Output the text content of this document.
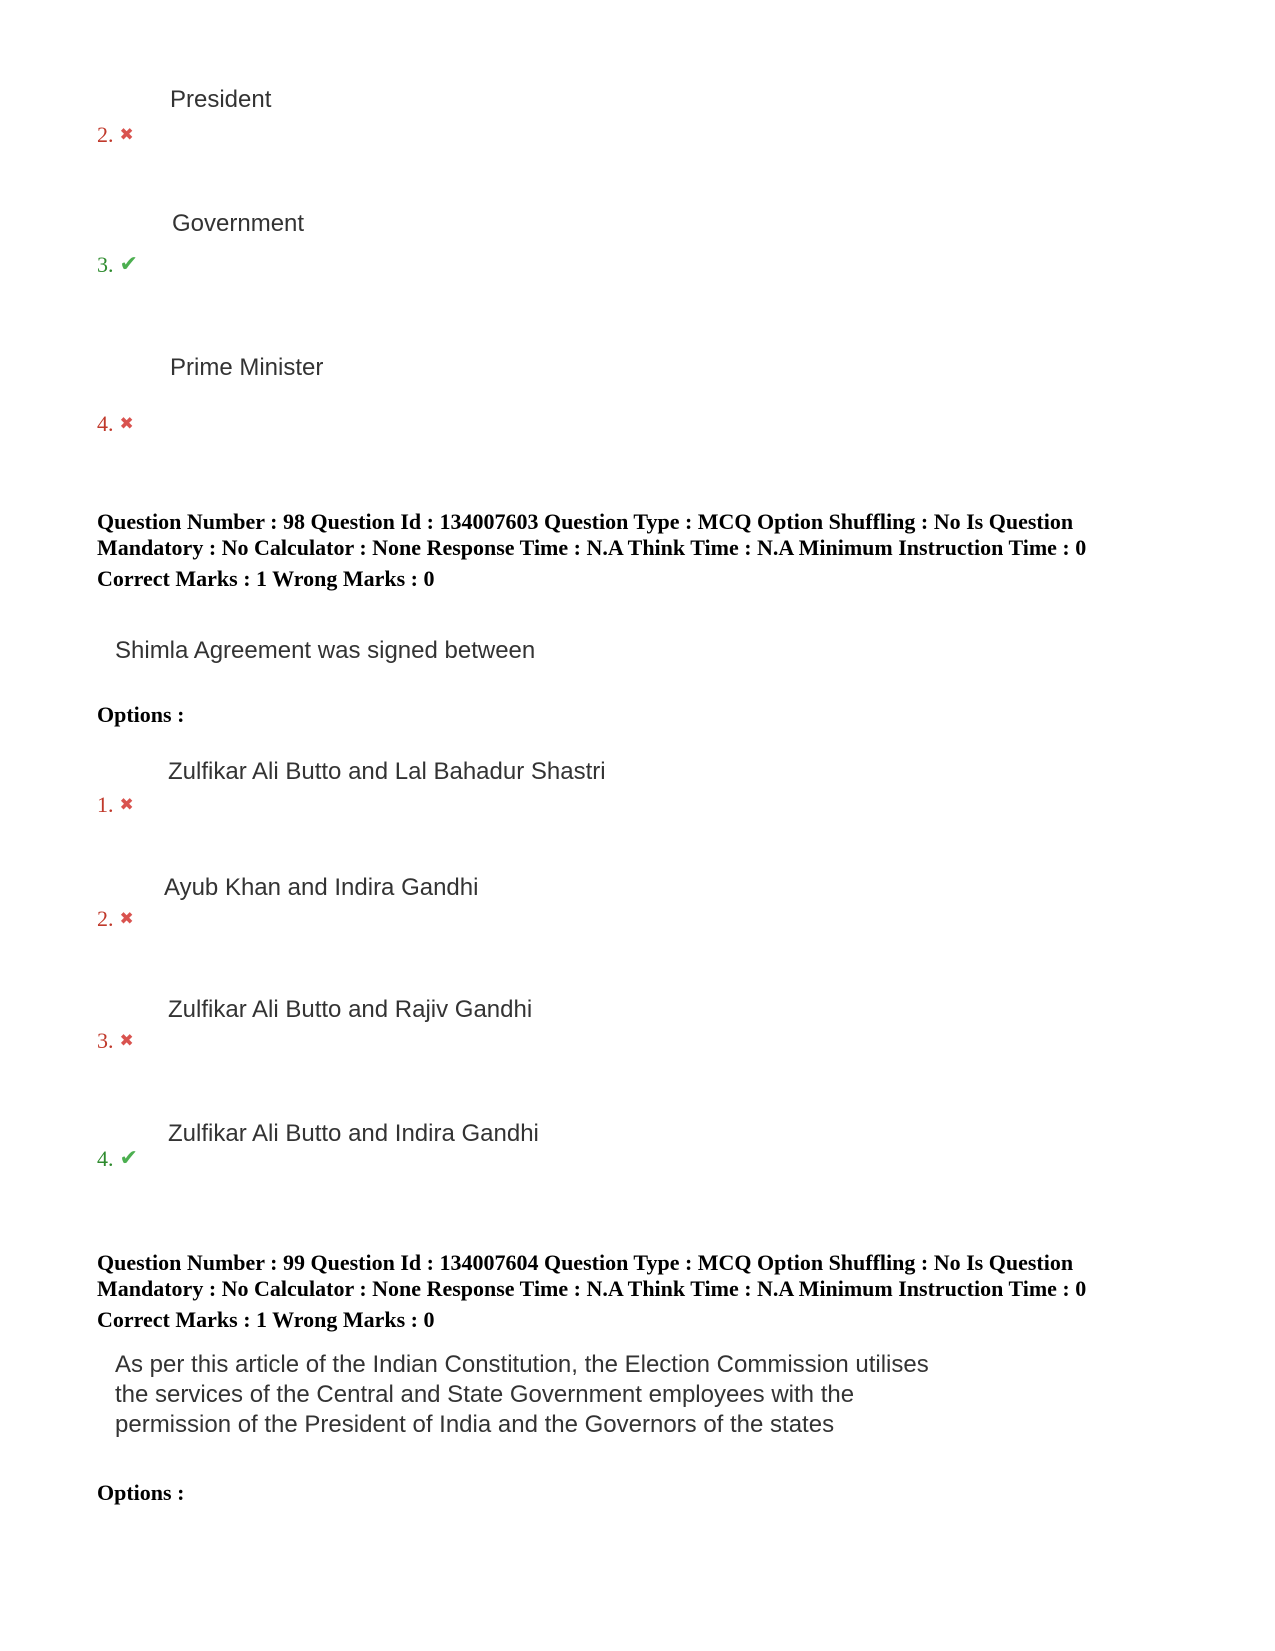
President
2. ✖
Government
3. ✔
Prime Minister
4. ✖
Question Number : 98 Question Id : 134007603 Question Type : MCQ Option Shuffling : No Is Question
Mandatory : No Calculator : None Response Time : N.A Think Time : N.A Minimum Instruction Time : 0
Correct Marks : 1 Wrong Marks : 0
Shimla Agreement was signed between
Options :
Zulfikar Ali Butto and Lal Bahadur Shastri
1. ✖
Ayub Khan and Indira Gandhi
2. ✖
Zulfikar Ali Butto and Rajiv Gandhi
3. ✖
Zulfikar Ali Butto and Indira Gandhi
4. ✔
Question Number : 99 Question Id : 134007604 Question Type : MCQ Option Shuffling : No Is Question
Mandatory : No Calculator : None Response Time : N.A Think Time : N.A Minimum Instruction Time : 0
Correct Marks : 1 Wrong Marks : 0
As per this article of the Indian Constitution, the Election Commission utilises
the services of the Central and State Government employees with the
permission of the President of India and the Governors of the states
Options :
